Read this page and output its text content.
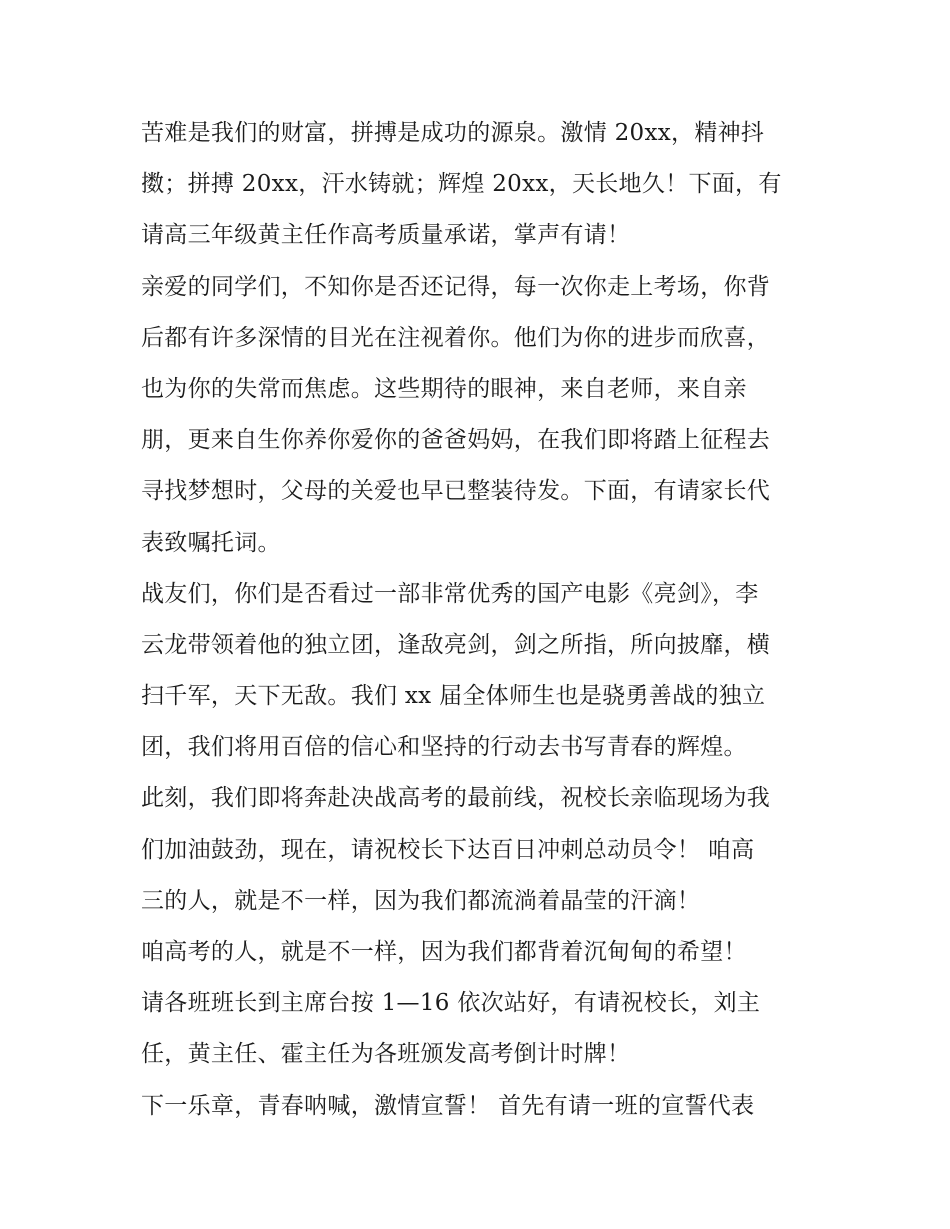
苦难是我们的财富，拼搏是成功的源泉。激情 20xx，精神抖
擞；拼搏 20xx，汗水铸就；辉煌 20xx，天长地久！下面，有
请高三年级黄主任作高考质量承诺，掌声有请！
亲爱的同学们，不知你是否还记得，每一次你走上考场，你背
后都有许多深情的目光在注视着你。他们为你的进步而欣喜，
也为你的失常而焦虑。这些期待的眼神，来自老师，来自亲
朋，更来自生你养你爱你的爸爸妈妈，在我们即将踏上征程去
寻找梦想时，父母的关爱也早已整装待发。下面，有请家长代
表致嘱托词。
战友们，你们是否看过一部非常优秀的国产电影《亮剑》，李
云龙带领着他的独立团，逢敌亮剑，剑之所指，所向披靡，横
扫千军，天下无敌。我们 xx 届全体师生也是骁勇善战的独立
团，我们将用百倍的信心和坚持的行动去书写青春的辉煌。
此刻，我们即将奔赴决战高考的最前线，祝校长亲临现场为我
们加油鼓劲，现在，请祝校长下达百日冲刺总动员令！ 咱高
三的人，就是不一样，因为我们都流淌着晶莹的汗滴！
咱高考的人，就是不一样，因为我们都背着沉甸甸的希望！
请各班班长到主席台按 1—16 依次站好，有请祝校长，刘主
任，黄主任、霍主任为各班颁发高考倒计时牌！
下一乐章，青春呐喊，激情宣誓！ 首先有请一班的宣誓代表
